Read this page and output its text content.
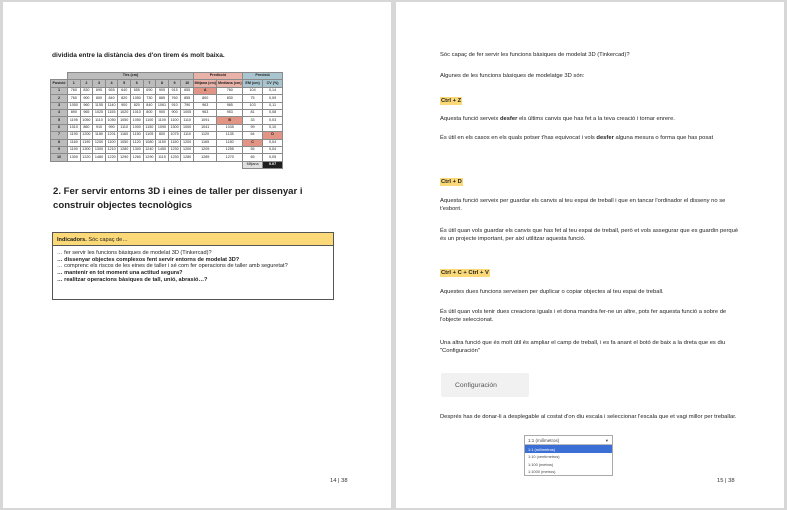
dividida entre la distància des d'on tirem és molt baixa.
	Tirs (cm)										Predicció		Precisió	
Posició	1	2	3	4	5	6	7	8	9	10	Mitjana (cm)	Mediana (cm)	EM (cm)	CV (%)
1	760	830	695	655	640	655	690	905	915	655	A	760	104	0,14
2	760	900	800	840	820	1050	730	885	760	855	800	830	75	0,09
3	1050	960	1155	1140	900	820	840	1061	910	790	963	965	103	0,11
4	890	965	1025	1155	1020	1010	800	900	900	1005	963	953	81	0,08
5	1195	1050	1110	1050	1050	1050	1100	1100	1100	1110	1091	B	33	0,03
6	1010	860	910	990	1110	1000	1150	1090	1300	1000	1041	1035	99	0,10
7	1190	1200	1180	1201	1160	1150	1105	800	1075	1110	1120	1135	64	D
8	1160	1190	1200	1100	1050	1120	1080	1150	1150	1200	1165	1150	C	0,04
9	1190	1300	1300	1210	1280	1300	1240	1450	1230	1200	1209	1255	55	0,04
10	1300	1220	1480	1220	1290	1260	1290	1115	1230	1280	1289	1270	65	0,05
													Mitjana	0.07
2. Fer servir entorns 3D i eines de taller per dissenyar i construir objectes tecnològics
Indicadors. Sóc capaç de…
… fer servir les funcions bàsiques de modelat 3D (Tinkercad)?
… dissenyar objectes complexos fent servir entorns de modelat 3D?
… comprenc els riscos de les eines de taller i sé com fer operacions de taller amb seguretat?
… mantenir en tot moment una actitud segura?
… realitzar operacions bàsiques de tall, unió, abrasió…?
14 | 38
Sóc capaç de fer servir les funcions bàsiques de modelat 3D (Tinkercad)?
Algunes de les funcions bàsiques de modelatge 3D són:
Ctrl + Z
Aquesta funció serveix desfer els últims canvis que has fet a la teva creació i tornar enrere.
És útil en els casos en els quals potser t'has equivocat i vols desfer alguna mesura o forma que has posat
Ctrl + D
Aquesta funció serveix per guardar els canvis al teu espai de treball i que en tancar l'ordinador el disseny no se t'esborri.
És útil quan vols guardar els canvis que has fet al teu espai de treball, però et vols assegurar que es guardin perquè és un projecte important, per així utilitzar aquesta funció.
Ctrl + C + Ctrl + V
Aquestes dues funcions serveixen per duplicar o copiar objectes al teu espai de treball.
És útil quan vols tenir dues creacions iguals i et dona mandra fer-ne un altre, pots fer aquesta funció a sobre de l'objecte seleccionat.
Una altra funció que és molt útil és ampliar el camp de treball, i es fa anant el botó de baix a la dreta que es diu "Configuración"
Configuración
Després has de donar-li a desplegable al costat d'on diu escala i seleccionar l'escala que et vagi millor per treballar.
1:1 (milímetros)	▾
1:1 (milímetros)
1:10 (centímetros)
1:100 (metros)
1:1000 (metros)
15 | 38
